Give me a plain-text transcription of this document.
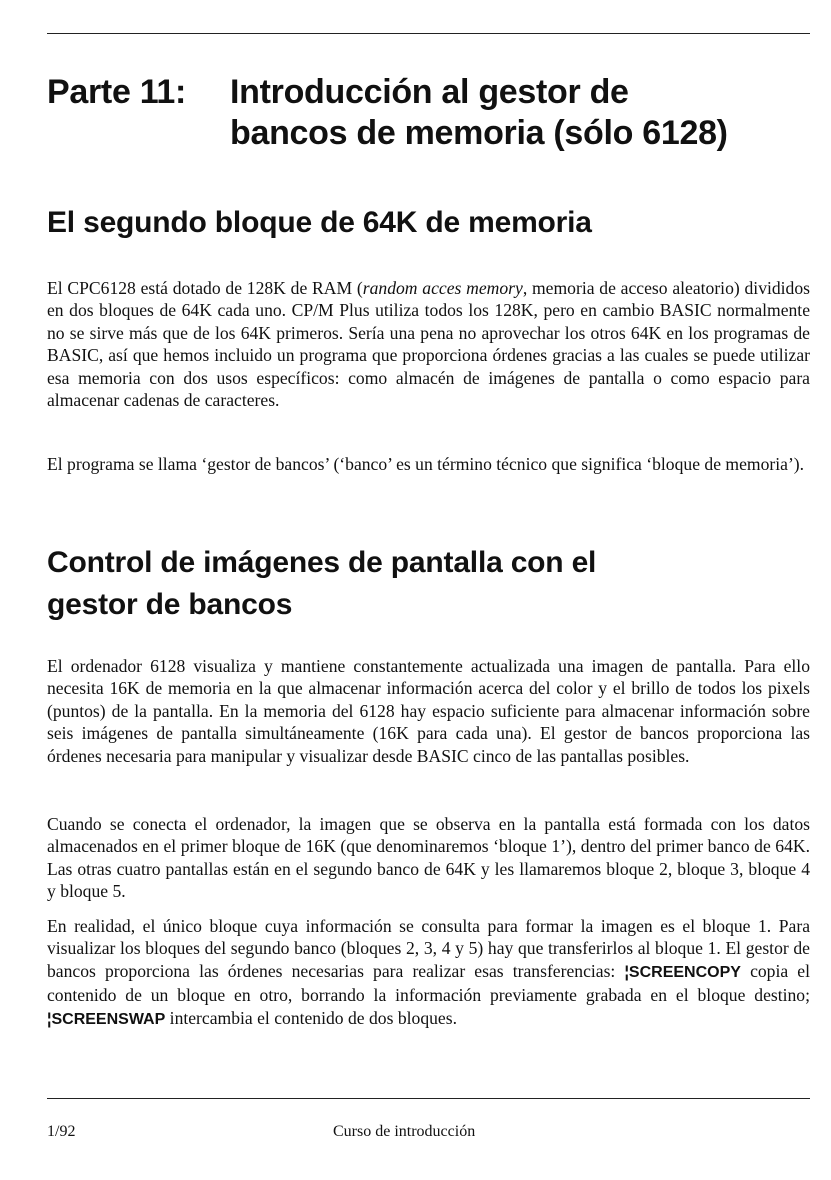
Parte 11: Introducción al gestor de
bancos de memoria (sólo 6128)
El segundo bloque de 64K de memoria

El CPC6128 está dotado de 128K de RAM (random acces memory, memoria de acceso aleatorio) divididos en dos bloques de 64K cada uno. CP/M Plus utiliza todos los 128K, pero en cambio BASIC normalmente no se sirve más que de los 64K primeros. Sería una pena no aprovechar los otros 64K en los programas de BASIC, así que hemos incluido un programa que proporciona órdenes gracias a las cuales se puede utilizar esa memoria con dos usos específicos: como almacén de imágenes de pantalla o como espacio para almacenar cadenas de caracteres.

El programa se llama ‘gestor de bancos’ (‘banco’ es un término técnico que significa ‘bloque de memoria’).

Control de imágenes de pantalla con el
gestor de bancos

El ordenador 6128 visualiza y mantiene constantemente actualizada una imagen de pantalla. Para ello necesita 16K de memoria en la que almacenar información acerca del color y el brillo de todos los pixels (puntos) de la pantalla. En la memoria del 6128 hay espacio suficiente para almacenar información sobre seis imágenes de pantalla simultáneamente (16K para cada una). El gestor de bancos proporciona las órdenes necesaria para manipular y visualizar desde BASIC cinco de las pantallas posibles.

Cuando se conecta el ordenador, la imagen que se observa en la pantalla está formada con los datos almacenados en el primer bloque de 16K (que denominaremos ‘bloque 1’), dentro del primer banco de 64K. Las otras cuatro pantallas están en el segundo banco de 64K y les llamaremos bloque 2, bloque 3, bloque 4 y bloque 5.

En realidad, el único bloque cuya información se consulta para formar la imagen es el bloque 1. Para visualizar los bloques del segundo banco (bloques 2, 3, 4 y 5) hay que transferirlos al bloque 1. El gestor de bancos proporciona las órdenes necesarias para realizar esas transferencias: ¦SCREENCOPY copia el contenido de un bloque en otro, borrando la información previamente grabada en el bloque destino; ¦SCREENSWAP intercambia el contenido de dos bloques.

1/92	Curso de introducción
